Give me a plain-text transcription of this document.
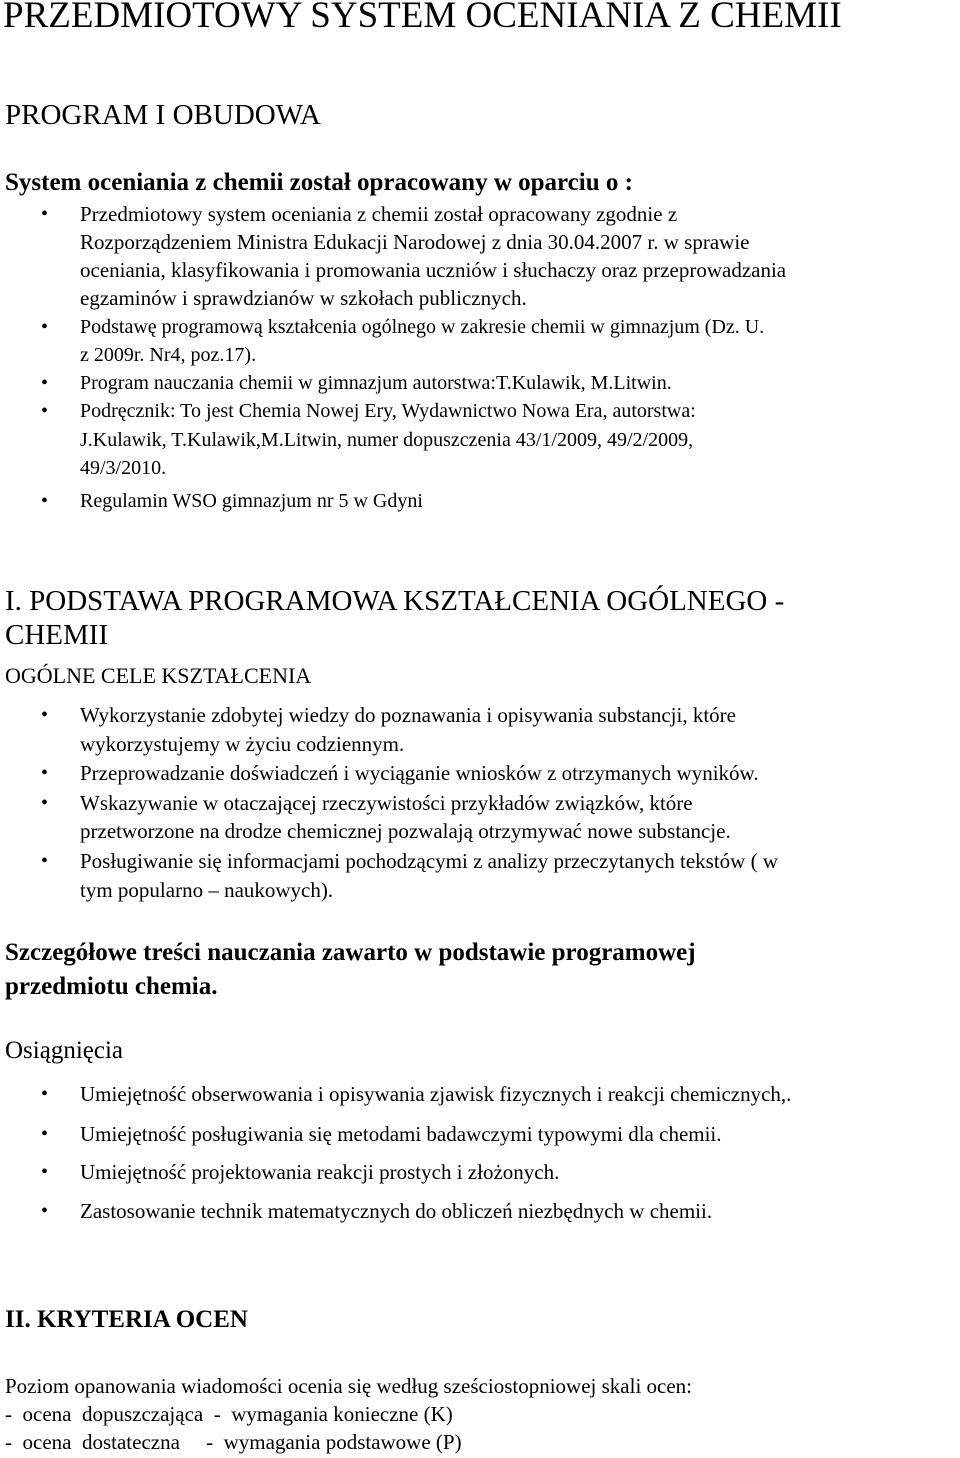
PRZEDMIOTOWY SYSTEM OCENIANIA Z CHEMII
PROGRAM I OBUDOWA
System oceniania z chemii został opracowany w oparciu o :
• Przedmiotowy system oceniania z chemii został opracowany zgodnie z
Rozporządzeniem Ministra Edukacji Narodowej z dnia 30.04.2007 r. w sprawie
oceniania, klasyfikowania i promowania uczniów i słuchaczy oraz przeprowadzania
egzaminów i sprawdzianów w szkołach publicznych.
• Podstawę programową kształcenia ogólnego w zakresie chemii w gimnazjum (Dz. U.
z 2009r. Nr4, poz.17).
• Program nauczania chemii w gimnazjum autorstwa:T.Kulawik, M.Litwin.
• Podręcznik: To jest Chemia Nowej Ery, Wydawnictwo Nowa Era, autorstwa:
J.Kulawik, T.Kulawik,M.Litwin, numer dopuszczenia 43/1/2009, 49/2/2009,
49/3/2010.
• Regulamin WSO gimnazjum nr 5 w Gdyni
I. PODSTAWA PROGRAMOWA KSZTAŁCENIA OGÓLNEGO -
CHEMII
OGÓLNE CELE KSZTAŁCENIA
• Wykorzystanie zdobytej wiedzy do poznawania i opisywania substancji, które
wykorzystujemy w życiu codziennym.
• Przeprowadzanie doświadczeń i wyciąganie wniosków z otrzymanych wyników.
• Wskazywanie w otaczającej rzeczywistości przykładów związków, które
przetworzone na drodze chemicznej pozwalają otrzymywać nowe substancje.
• Posługiwanie się informacjami pochodzącymi z analizy przeczytanych tekstów ( w
tym popularno – naukowych).
Szczegółowe treści nauczania zawarto w podstawie programowej
przedmiotu chemia.
Osiągnięcia
• Umiejętność obserwowania i opisywania zjawisk fizycznych i reakcji chemicznych,.
• Umiejętność posługiwania się metodami badawczymi typowymi dla chemii.
• Umiejętność projektowania reakcji prostych i złożonych.
• Zastosowanie technik matematycznych do obliczeń niezbędnych w chemii.
II. KRYTERIA OCEN
Poziom opanowania wiadomości ocenia się według sześciostopniowej skali ocen:
-  ocena  dopuszczająca  -  wymagania konieczne (K)
-  ocena  dostateczna     -  wymagania podstawowe (P)
